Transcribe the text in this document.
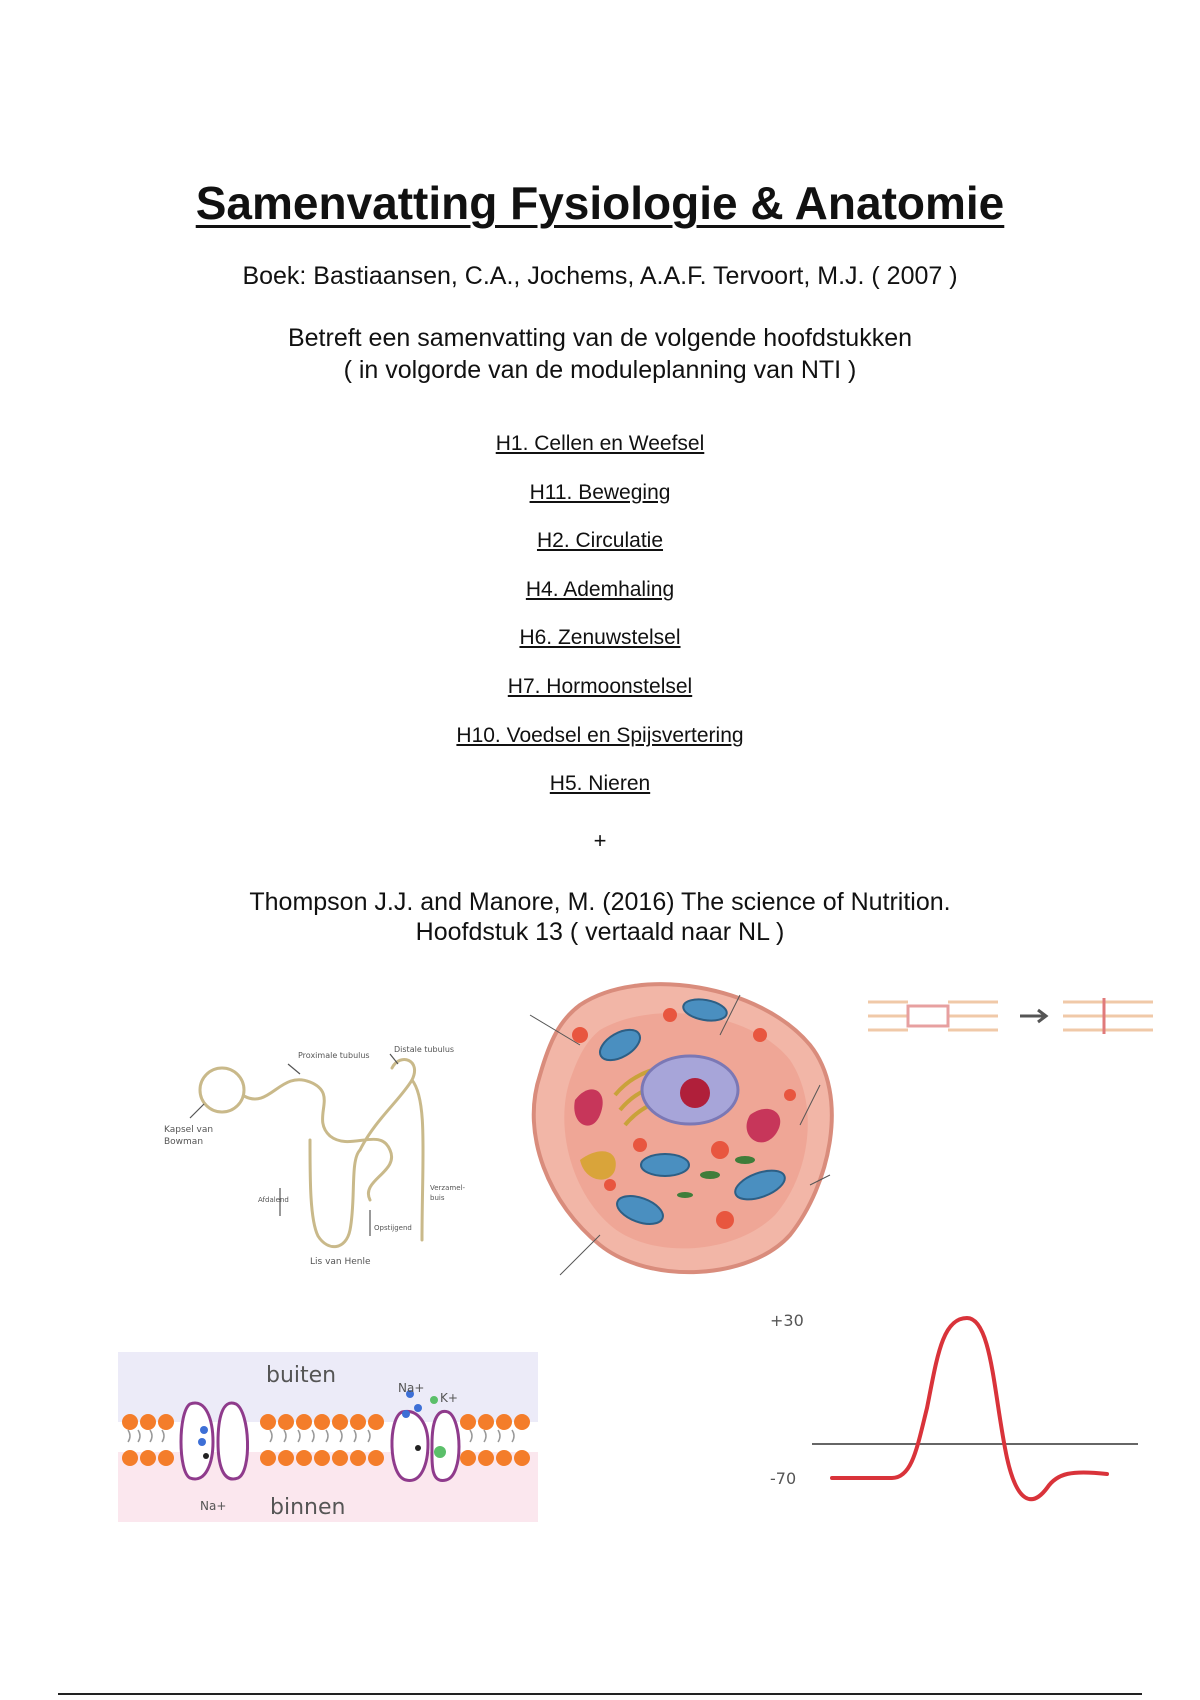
Samenvatting Fysiologie & Anatomie
Boek: Bastiaansen, C.A., Jochems, A.A.F. Tervoort, M.J. ( 2007 )
Betreft een samenvatting van de volgende hoofdstukken
( in volgorde van de moduleplanning van NTI )
H1. Cellen en Weefsel
H11. Beweging
H2. Circulatie
H4. Ademhaling
H6. Zenuwstelsel
H7. Hormoonstelsel
H10. Voedsel en Spijsvertering
H5. Nieren
+
Thompson J.J. and Manore, M. (2016) The science of Nutrition.
Hoofdstuk 13 ( vertaald naar NL )
Proximale tubulus
Distale tubulus
Kapsel van
Bowman
Afdalend
Opstijgend
Verzamel-
buis
Lis van Henle
buiten
binnen
Na+
K+
Na+
+30
-70
